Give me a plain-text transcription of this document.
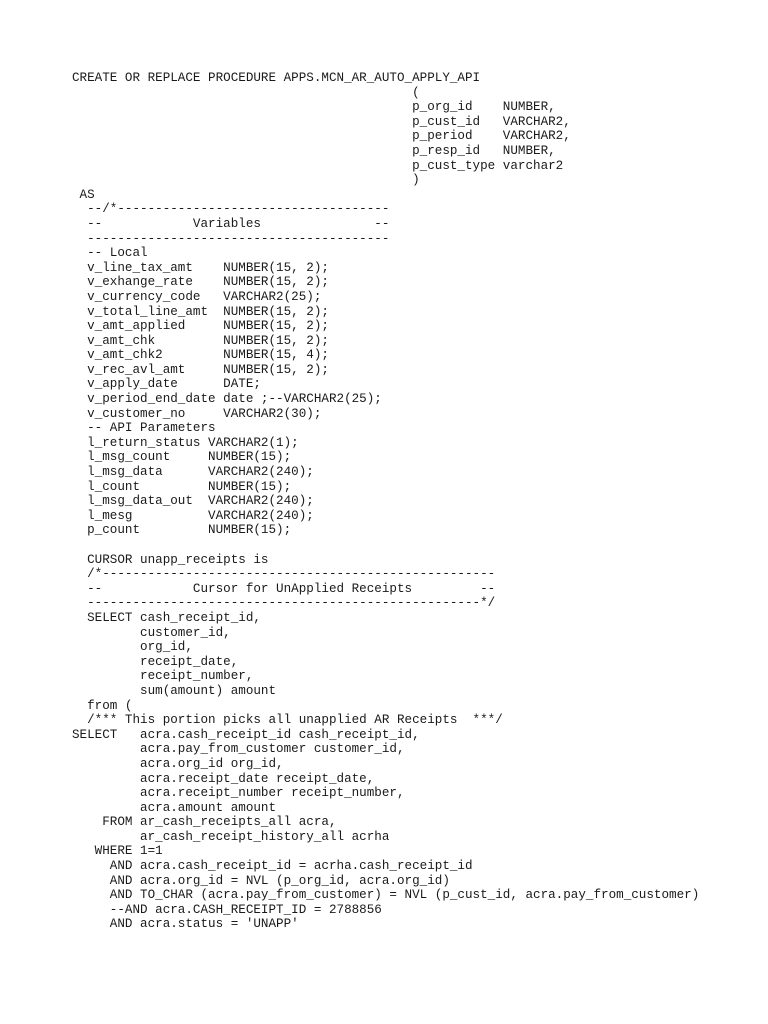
CREATE OR REPLACE PROCEDURE APPS.MCN_AR_AUTO_APPLY_API
(
p_org_id    NUMBER,
p_cust_id   VARCHAR2,
p_period    VARCHAR2,
p_resp_id   NUMBER,
p_cust_type varchar2
)
AS
--/*------------------------------------
--            Variables               --
----------------------------------------
-- Local
v_line_tax_amt    NUMBER(15, 2);
v_exhange_rate    NUMBER(15, 2);
v_currency_code   VARCHAR2(25);
v_total_line_amt  NUMBER(15, 2);
v_amt_applied     NUMBER(15, 2);
v_amt_chk         NUMBER(15, 2);
v_amt_chk2        NUMBER(15, 4);
v_rec_avl_amt     NUMBER(15, 2);
v_apply_date      DATE;
v_period_end_date date ;--VARCHAR2(25);
v_customer_no     VARCHAR2(30);
-- API Parameters
l_return_status VARCHAR2(1);
l_msg_count     NUMBER(15);
l_msg_data      VARCHAR2(240);
l_count         NUMBER(15);
l_msg_data_out  VARCHAR2(240);
l_mesg          VARCHAR2(240);
p_count         NUMBER(15);
CURSOR unapp_receipts is
/*----------------------------------------------------
--            Cursor for UnApplied Receipts         --
----------------------------------------------------*/
SELECT cash_receipt_id,
customer_id,
org_id,
receipt_date,
receipt_number,
sum(amount) amount
from (
/*** This portion picks all unapplied AR Receipts  ***/
SELECT   acra.cash_receipt_id cash_receipt_id,
acra.pay_from_customer customer_id,
acra.org_id org_id,
acra.receipt_date receipt_date,
acra.receipt_number receipt_number,
acra.amount amount
FROM ar_cash_receipts_all acra,
ar_cash_receipt_history_all acrha
WHERE 1=1
AND acra.cash_receipt_id = acrha.cash_receipt_id
AND acra.org_id = NVL (p_org_id, acra.org_id)
AND TO_CHAR (acra.pay_from_customer) = NVL (p_cust_id, acra.pay_from_customer)
--AND acra.CASH_RECEIPT_ID = 2788856
AND acra.status = 'UNAPP'
